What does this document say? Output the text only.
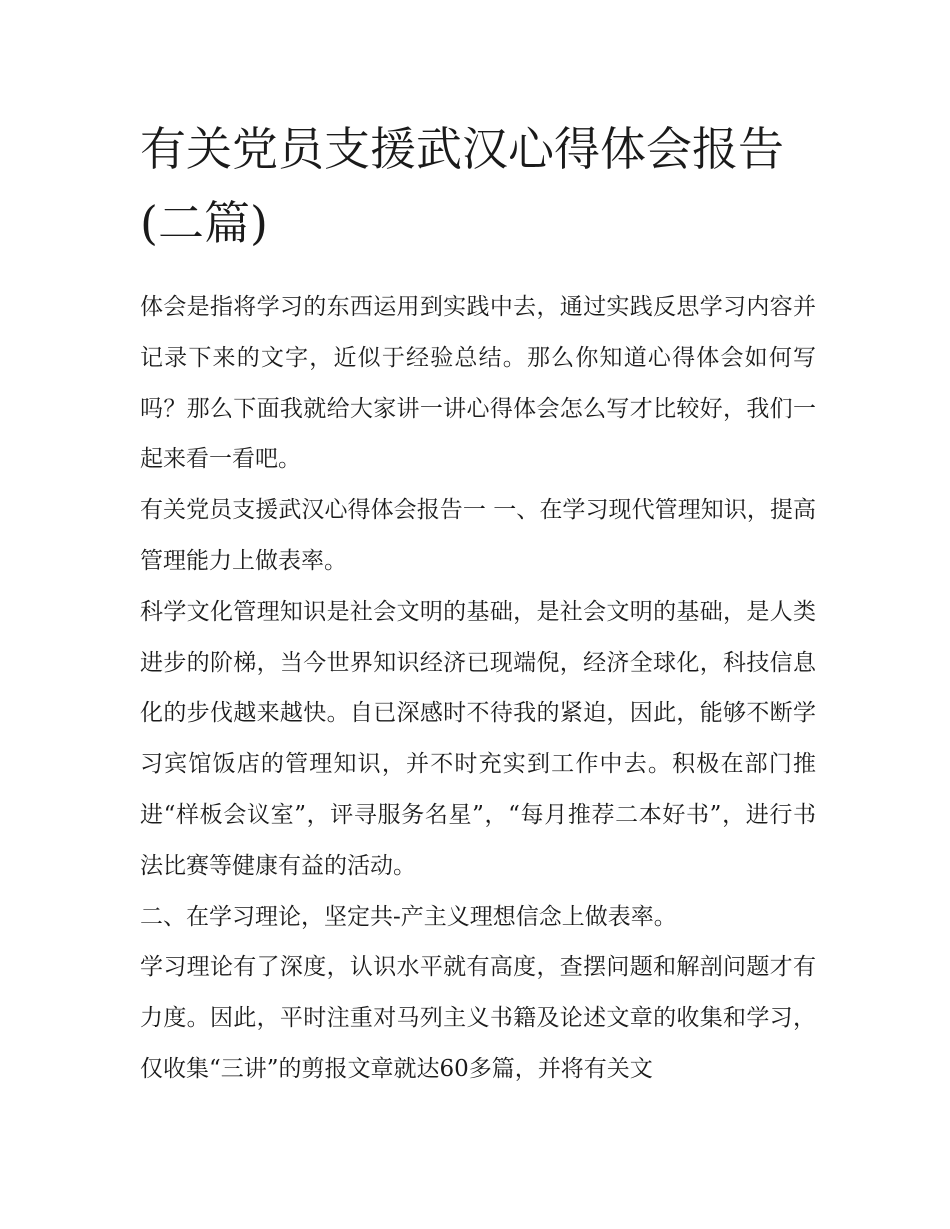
有关党员支援武汉心得体会报告(二篇)

体会是指将学习的东西运用到实践中去，通过实践反思学习内容并记录下来的文字，近似于经验总结。那么你知道心得体会如何写吗？那么下面我就给大家讲一讲心得体会怎么写才比较好，我们一起来看一看吧。

有关党员支援武汉心得体会报告一 一、在学习现代管理知识，提高管理能力上做表率。

科学文化管理知识是社会文明的基础，是社会文明的基础，是人类进步的阶梯，当今世界知识经济已现端倪，经济全球化，科技信息化的步伐越来越快。自已深感时不待我的紧迫，因此，能够不断学习宾馆饭店的管理知识，并不时充实到工作中去。积极在部门推进“样板会议室”，评寻服务名星”，“每月推荐二本好书”，进行书法比赛等健康有益的活动。

二、在学习理论，坚定共-产主义理想信念上做表率。

学习理论有了深度，认识水平就有高度，查摆问题和解剖问题才有力度。因此，平时注重对马列主义书籍及论述文章的收集和学习，仅收集“三讲”的剪报文章就达60多篇，并将有关文
